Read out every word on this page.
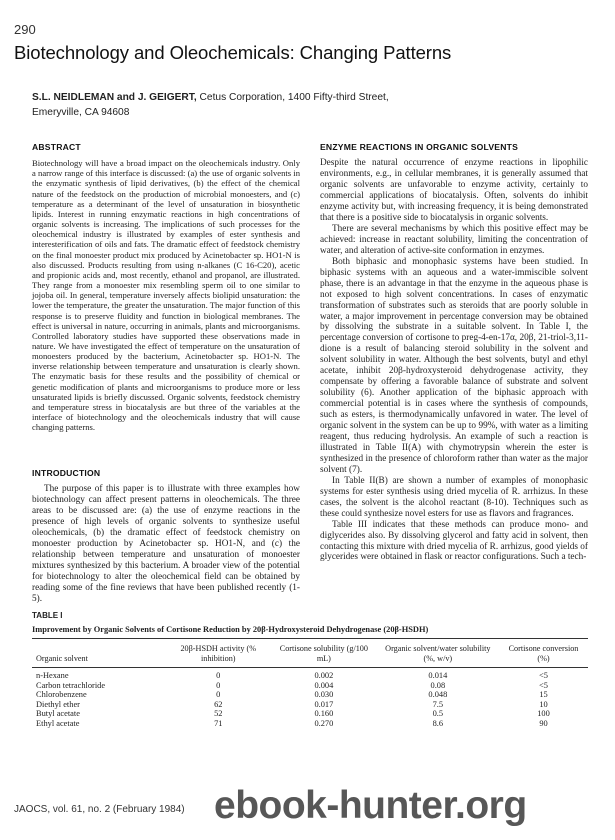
290
Biotechnology and Oleochemicals: Changing Patterns
S.L. NEIDLEMAN and J. GEIGERT, Cetus Corporation, 1400 Fifty-third Street,
Emeryville, CA 94608
ABSTRACT

Biotechnology will have a broad impact on the oleochemicals industry. Only a narrow range of this interface is discussed: (a) the use of organic solvents in the enzymatic synthesis of lipid derivatives, (b) the effect of the chemical nature of the feedstock on the production of microbial monoesters, and (c) temperature as a determinant of the level of unsaturation in biosynthetic lipids. Interest in running enzymatic reactions in high concentrations of organic solvents is increasing. The implications of such processes for the oleochemical industry is illustrated by examples of ester synthesis and interesterification of oils and fats. The dramatic effect of feedstock chemistry on the final monoester product mix produced by Acinetobacter sp. HO1-N is also discussed. Products resulting from using n-alkanes (C 16-C20), acetic and propionic acids and, most recently, ethanol and propanol, are illustrated. They range from a monoester mix resembling sperm oil to one similar to jojoba oil. In general, temperature inversely affects biolipid unsaturation: the lower the temperature, the greater the unsaturation. The major function of this response is to preserve fluidity and function in biological membranes. The effect is universal in nature, occurring in animals, plants and microorganisms. Controlled laboratory studies have supported these observations made in nature. We have investigated the effect of temperature on the unsaturation of monoesters produced by the bacterium, Acinetobacter sp. HO1-N. The inverse relationship between temperature and unsaturation is clearly shown. The enzymatic basis for these results and the possibility of chemical or genetic modification of plants and microorganisms to produce more or less unsaturated lipids is briefly discussed. Organic solvents, feedstock chemistry and temperature stress in biocatalysis are but three of the variables at the interface of biotechnology and the oleochemicals industry that will cause changing patterns.

INTRODUCTION

The purpose of this paper is to illustrate with three examples how biotechnology can affect present patterns in oleochemicals. The three areas to be discussed are: (a) the use of enzyme reactions in the presence of high levels of organic solvents to synthesize useful oleochemicals, (b) the dramatic effect of feedstock chemistry on monoester production by Acinetobacter sp. HO1-N, and (c) the relationship between temperature and unsaturation of monoester mixtures synthesized by this bacterium. A broader view of the potential for biotechnology to alter the oleochemical field can be obtained by reading some of the fine reviews that have been published recently (1-5).

ENZYME REACTIONS IN ORGANIC SOLVENTS

Despite the natural occurrence of enzyme reactions in lipophilic environments, e.g., in cellular membranes, it is generally assumed that organic solvents are unfavorable to enzyme activity, certainly to commercial applications of biocatalysis. Often, solvents do inhibit enzyme activity but, with increasing frequency, it is being demonstrated that there is a positive side to biocatalysis in organic solvents.

There are several mechanisms by which this positive effect may be achieved: increase in reactant solubility, limiting the concentration of water, and alteration of active-site conformation in enzymes.

Both biphasic and monophasic systems have been studied. In biphasic systems with an aqueous and a water-immiscible solvent phase, there is an advantage in that the enzyme in the aqueous phase is not exposed to high solvent concentrations. In cases of enzymatic transformation of substrates such as steroids that are poorly soluble in water, a major improvement in percentage conversion may be obtained by dissolving the substrate in a suitable solvent. In Table I, the percentage conversion of cortisone to preg-4-en-17α, 20β, 21-triol-3,11-dione is a result of balancing steroid solubility in the solvent and solvent solubility in water. Although the best solvents, butyl and ethyl acetate, inhibit 20β-hydroxysteroid dehydrogenase activity, they compensate by offering a favorable balance of substrate and solvent solubility (6). Another application of the biphasic approach with commercial potential is in cases where the synthesis of compounds, such as esters, is thermodynamically unfavored in water. The level of organic solvent in the system can be up to 99%, with water as a limiting reagent, thus reducing hydrolysis. An example of such a reaction is illustrated in Table II(A) with chymotrypsin wherein the ester is synthesized in the presence of chloroform rather than water as the major solvent (7).

In Table II(B) are shown a number of examples of monophasic systems for ester synthesis using dried mycelia of R. arrhizus. In these cases, the solvent is the alcohol reactant (8-10). Techniques such as these could synthesize novel esters for use as flavors and fragrances.

Table III indicates that these methods can produce mono- and diglycerides also. By dissolving glycerol and fatty acid in solvent, then contacting this mixture with dried mycelia of R. arrhizus, good yields of glycerides were obtained in flask or reactor configurations. Such a tech-

TABLE I
Improvement by Organic Solvents of Cortisone Reduction by 20β-Hydroxysteroid Dehydrogenase (20β-HSDH)
Organic solvent	20β-HSDH activity (% inhibition)	Cortisone solubility (g/100 mL)	Organic solvent/water solubility (%, w/v)	Cortisone conversion (%)
n-Hexane	0	0.002	0.014	<5
Carbon tetrachloride	0	0.004	0.08	<5
Chlorobenzene	0	0.030	0.048	15
Diethyl ether	62	0.017	7.5	10
Butyl acetate	52	0.160	0.5	100
Ethyl acetate	71	0.270	8.6	90
JAOCS, vol. 61, no. 2 (February 1984) ebook-hunter.org
